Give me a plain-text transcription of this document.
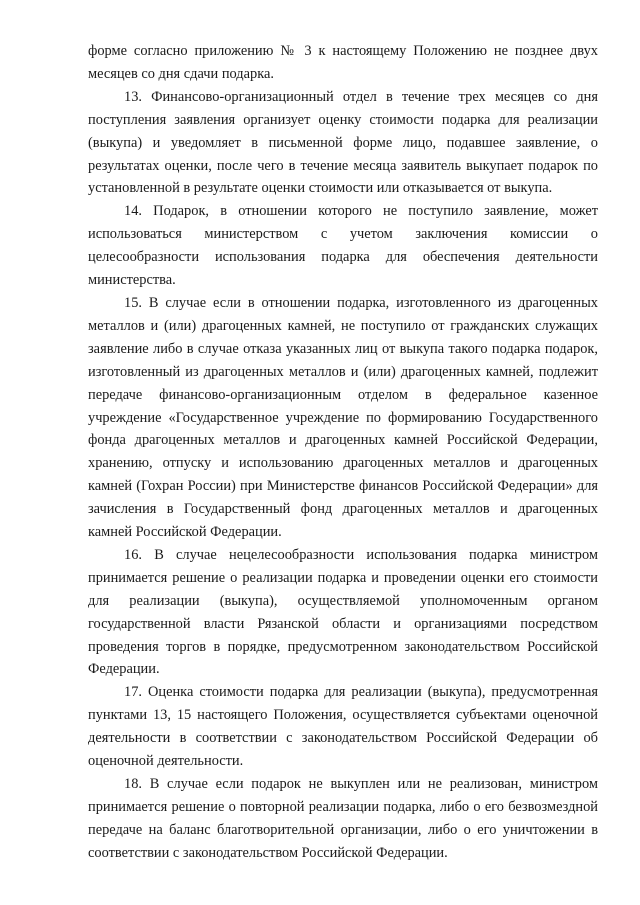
форме согласно приложению № 3 к настоящему Положению не позднее двух месяцев со дня сдачи подарка.

13. Финансово-организационный отдел в течение трех месяцев со дня поступления заявления организует оценку стоимости подарка для реализации (выкупа) и уведомляет в письменной форме лицо, подавшее заявление, о результатах оценки, после чего в течение месяца заявитель выкупает подарок по установленной в результате оценки стоимости или отказывается от выкупа.

14. Подарок, в отношении которого не поступило заявление, может использоваться министерством с учетом заключения комиссии о целесообразности использования подарка для обеспечения деятельности министерства.

15. В случае если в отношении подарка, изготовленного из драгоценных металлов и (или) драгоценных камней, не поступило от гражданских служащих заявление либо в случае отказа указанных лиц от выкупа такого подарка подарок, изготовленный из драгоценных металлов и (или) драгоценных камней, подлежит передаче финансово-организационным отделом в федеральное казенное учреждение «Государственное учреждение по формированию Государственного фонда драгоценных металлов и драгоценных камней Российской Федерации, хранению, отпуску и использованию драгоценных металлов и драгоценных камней (Гохран России) при Министерстве финансов Российской Федерации» для зачисления в Государственный фонд драгоценных металлов и драгоценных камней Российской Федерации.

16. В случае нецелесообразности использования подарка министром принимается решение о реализации подарка и проведении оценки его стоимости для реализации (выкупа), осуществляемой уполномоченным органом государственной власти Рязанской области и организациями посредством проведения торгов в порядке, предусмотренном законодательством Российской Федерации.

17. Оценка стоимости подарка для реализации (выкупа), предусмотренная пунктами 13, 15 настоящего Положения, осуществляется субъектами оценочной деятельности в соответствии с законодательством Российской Федерации об оценочной деятельности.

18. В случае если подарок не выкуплен или не реализован, министром принимается решение о повторной реализации подарка, либо о его безвозмездной передаче на баланс благотворительной организации, либо о его уничтожении в соответствии с законодательством Российской Федерации.
